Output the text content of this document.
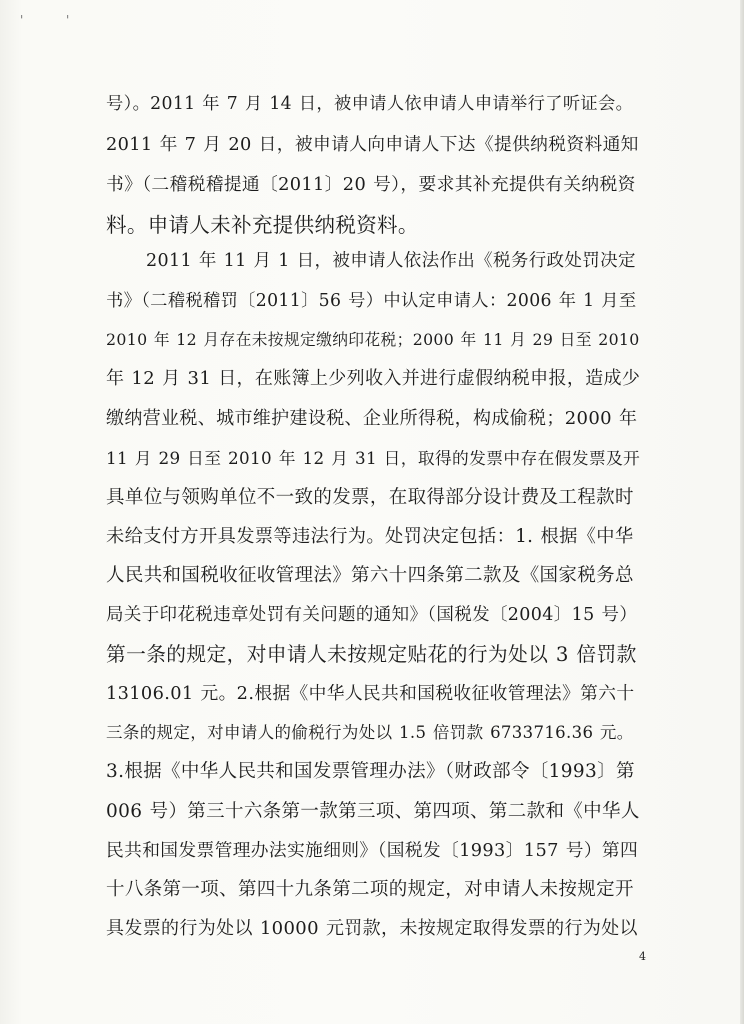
'	'
号）。2011 年 7 月 14 日，被申请人依申请人申请举行了听证会。
2011 年 7 月 20 日，被申请人向申请人下达《提供纳税资料通知
书》（二稽税稽提通〔2011〕20 号），要求其补充提供有关纳税资
料。申请人未补充提供纳税资料。
2011 年 11 月 1 日，被申请人依法作出《税务行政处罚决定
书》（二稽税稽罚〔2011〕56 号）中认定申请人：2006 年 1 月至
2010 年 12 月存在未按规定缴纳印花税；2000 年 11 月 29 日至 2010
年 12 月 31 日，在账簿上少列收入并进行虚假纳税申报，造成少
缴纳营业税、城市维护建设税、企业所得税，构成偷税；2000 年
11 月 29 日至 2010 年 12 月 31 日，取得的发票中存在假发票及开
具单位与领购单位不一致的发票，在取得部分设计费及工程款时
未给支付方开具发票等违法行为。处罚决定包括：1. 根据《中华
人民共和国税收征收管理法》第六十四条第二款及《国家税务总
局关于印花税违章处罚有关问题的通知》（国税发〔2004〕15 号）
第一条的规定，对申请人未按规定贴花的行为处以 3 倍罚款
13106.01 元。2.根据《中华人民共和国税收征收管理法》第六十
三条的规定，对申请人的偷税行为处以 1.5 倍罚款 6733716.36 元。
3.根据《中华人民共和国发票管理办法》（财政部令〔1993〕第
006 号）第三十六条第一款第三项、第四项、第二款和《中华人
民共和国发票管理办法实施细则》（国税发〔1993〕157 号）第四
十八条第一项、第四十九条第二项的规定，对申请人未按规定开
具发票的行为处以 10000 元罚款，未按规定取得发票的行为处以
4
